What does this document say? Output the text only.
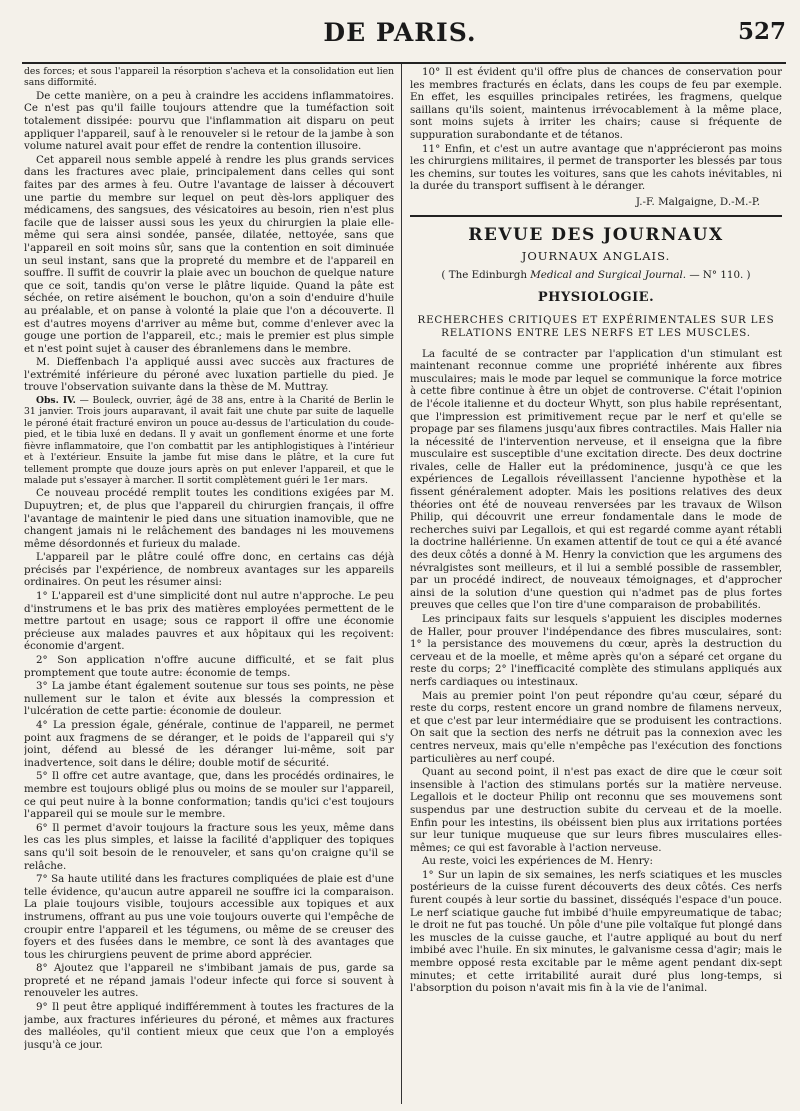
DE PARIS.	527

des forces; et sous l'appareil la résorption s'acheva et la consolidation eut lien sans difformité.

De cette manière, on a peu à craindre les accidens inflammatoires. Ce n'est pas qu'il faille toujours attendre que la tuméfaction soit totalement dissipée: pourvu que l'inflammation ait disparu on peut appliquer l'appareil, sauf à le renouveler si le retour de la jambe à son volume naturel avait pour effet de rendre la contention illusoire.

Cet appareil nous semble appelé à rendre les plus grands services dans les fractures avec plaie, principalement dans celles qui sont faites par des armes à feu. Outre l'avantage de laisser à découvert une partie du membre sur lequel on peut dès-lors appliquer des médicamens, des sangsues, des vésicatoires au besoin, rien n'est plus facile que de laisser aussi sous les yeux du chirurgien la plaie elle-même qui sera ainsi sondée, pansée, dilatée, nettoyée, sans que l'appareil en soit moins sûr, sans que la contention en soit diminuée un seul instant, sans que la propreté du membre et de l'appareil en souffre. Il suffit de couvrir la plaie avec un bouchon de quelque nature que ce soit, tandis qu'on verse le plâtre liquide. Quand la pâte est séchée, on retire aisément le bouchon, qu'on a soin d'enduire d'huile au préalable, et on panse à volonté la plaie que l'on a découverte. Il est d'autres moyens d'arriver au même but, comme d'enlever avec la gouge une portion de l'appareil, etc.; mais le premier est plus simple et n'est point sujet à causer des ébranlemens dans le membre.

M. Dieffenbach l'a appliqué aussi avec succès aux fractures de l'extrémité inférieure du péroné avec luxation partielle du pied. Je trouve l'observation suivante dans la thèse de M. Muttray.

Obs. IV. — Bouleck, ouvrier, âgé de 38 ans, entre à la Charité de Berlin le 31 janvier. Trois jours auparavant, il avait fait une chute par suite de laquelle le péroné était fracturé environ un pouce au-dessus de l'articulation du coude-pied, et le tibia luxé en dedans. Il y avait un gonflement énorme et une forte fièvre inflammatoire, que l'on combattit par les antiphlogistiques à l'intérieur et à l'extérieur. Ensuite la jambe fut mise dans le plâtre, et la cure fut tellement prompte que douze jours après on put enlever l'appareil, et que le malade put s'essayer à marcher. Il sortit complètement guéri le 1er mars.

Ce nouveau procédé remplit toutes les conditions exigées par M. Dupuytren; et, de plus que l'appareil du chirurgien français, il offre l'avantage de maintenir le pied dans une situation inamovible, que ne changent jamais ni le relâchement des bandages ni les mouvemens même désordonnés et furieux du malade.

L'appareil par le plâtre coulé offre donc, en certains cas déjà précisés par l'expérience, de nombreux avantages sur les appareils ordinaires. On peut les résumer ainsi:

1° L'appareil est d'une simplicité dont nul autre n'approche. Le peu d'instrumens et le bas prix des matières employées permettent de le mettre partout en usage; sous ce rapport il offre une économie précieuse aux malades pauvres et aux hôpitaux qui les reçoivent: économie d'argent.

2° Son application n'offre aucune difficulté, et se fait plus promptement que toute autre: économie de temps.

3° La jambe étant également soutenue sur tous ses points, ne pèse nullement sur le talon et évite aux blessés la compression et l'ulcération de cette partie: économie de douleur.

4° La pression égale, générale, continue de l'appareil, ne permet point aux fragmens de se déranger, et le poids de l'appareil qui s'y joint, défend au blessé de les déranger lui-même, soit par inadvertence, soit dans le délire; double motif de sécurité.

5° Il offre cet autre avantage, que, dans les procédés ordinaires, le membre est toujours obligé plus ou moins de se mouler sur l'appareil, ce qui peut nuire à la bonne conformation; tandis qu'ici c'est toujours l'appareil qui se moule sur le membre.

6° Il permet d'avoir toujours la fracture sous les yeux, même dans les cas les plus simples, et laisse la facilité d'appliquer des topiques sans qu'il soit besoin de le renouveler, et sans qu'on craigne qu'il se relâche.

7° Sa haute utilité dans les fractures compliquées de plaie est d'une telle évidence, qu'aucun autre appareil ne souffre ici la comparaison. La plaie toujours visible, toujours accessible aux topiques et aux instrumens, offrant au pus une voie toujours ouverte qui l'empêche de croupir entre l'appareil et les tégumens, ou même de se creuser des foyers et des fusées dans le membre, ce sont là des avantages que tous les chirurgiens peuvent de prime abord apprécier.

8° Ajoutez que l'appareil ne s'imbibant jamais de pus, garde sa propreté et ne répand jamais l'odeur infecte qui force si souvent à renouveler les autres.

9° Il peut être appliqué indifféremment à toutes les fractures de la jambe, aux fractures inférieures du péroné, et mêmes aux fractures des malléoles, qu'il contient mieux que ceux que l'on a employés jusqu'à ce jour.

10° Il est évident qu'il offre plus de chances de conservation pour les membres fracturés en éclats, dans les coups de feu par exemple. En effet, les esquilles principales retirées, les fragmens, quelque saillans qu'ils soient, maintenus irrévocablement à la même place, sont moins sujets à irriter les chairs; cause si fréquente de suppuration surabondante et de tétanos.

11° Enfin, et c'est un autre avantage que n'apprécieront pas moins les chirurgiens militaires, il permet de transporter les blessés par tous les chemins, sur toutes les voitures, sans que les cahots inévitables, ni la durée du transport suffisent à le déranger.

J.-F. Malgaigne, D.-M.-P.

REVUE DES JOURNAUX
JOURNAUX ANGLAIS.
( The Edinburgh Medical and Surgical Journal. — N° 110. )
PHYSIOLOGIE.
RECHERCHES CRITIQUES ET EXPÉRIMENTALES SUR LES RELATIONS ENTRE LES NERFS ET LES MUSCLES.

La faculté de se contracter par l'application d'un stimulant est maintenant reconnue comme une propriété inhérente aux fibres musculaires; mais le mode par lequel se communique la force motrice à cette fibre continue à être un objet de controverse. C'était l'opinion de l'école italienne et du docteur Whytt, son plus habile représentant, que l'impression est primitivement reçue par le nerf et qu'elle se propage par ses filamens jusqu'aux fibres contractiles. Mais Haller nia la nécessité de l'intervention nerveuse, et il enseigna que la fibre musculaire est susceptible d'une excitation directe. Des deux doctrine rivales, celle de Haller eut la prédominence, jusqu'à ce que les expériences de Legallois réveillassent l'ancienne hypothèse et la fissent généralement adopter. Mais les positions relatives des deux théories ont été de nouveau renversées par les travaux de Wilson Philip, qui découvrit une erreur fondamentale dans le mode de recherches suivi par Legallois, et qui est regardé comme ayant rétabli la doctrine hallérienne. Un examen attentif de tout ce qui a été avancé des deux côtés a donné à M. Henry la conviction que les argumens des névralgistes sont meilleurs, et il lui a semblé possible de rassembler, par un procédé indirect, de nouveaux témoignages, et d'approcher ainsi de la solution d'une question qui n'admet pas de plus fortes preuves que celles que l'on tire d'une comparaison de probabilités.

Les principaux faits sur lesquels s'appuient les disciples modernes de Haller, pour prouver l'indépendance des fibres musculaires, sont: 1° la persistance des mouvemens du cœur, après la destruction du cerveau et de la moelle, et même après qu'on a séparé cet organe du reste du corps; 2° l'inefficacité complète des stimulans appliqués aux nerfs cardiaques ou intestinaux.

Mais au premier point l'on peut répondre qu'au cœur, séparé du reste du corps, restent encore un grand nombre de filamens nerveux, et que c'est par leur intermédiaire que se produisent les contractions. On sait que la section des nerfs ne détruit pas la connexion avec les centres nerveux, mais qu'elle n'empêche pas l'exécution des fonctions particulières au nerf coupé.

Quant au second point, il n'est pas exact de dire que le cœur soit insensible à l'action des stimulans portés sur la matière nerveuse. Legallois et le docteur Philip ont reconnu que ses mouvemens sont suspendus par une destruction subite du cerveau et de la moelle. Enfin pour les intestins, ils obéissent bien plus aux irritations portées sur leur tunique muqueuse que sur leurs fibres musculaires elles-mêmes; ce qui est favorable à l'action nerveuse.

Au reste, voici les expériences de M. Henry:

1° Sur un lapin de six semaines, les nerfs sciatiques et les muscles postérieurs de la cuisse furent découverts des deux côtés. Ces nerfs furent coupés à leur sortie du bassinet, disséqués l'espace d'un pouce. Le nerf sciatique gauche fut imbibé d'huile empyreumatique de tabac; le droit ne fut pas touché. Un pôle d'une pile voltaïque fut plongé dans les muscles de la cuisse gauche, et l'autre appliqué au bout du nerf imbibé avec l'huile. En six minutes, le galvanisme cessa d'agir; mais le membre opposé resta excitable par le même agent pendant dix-sept minutes; et cette irritabilité aurait duré plus long-temps, si l'absorption du poison n'avait mis fin à la vie de l'animal.
